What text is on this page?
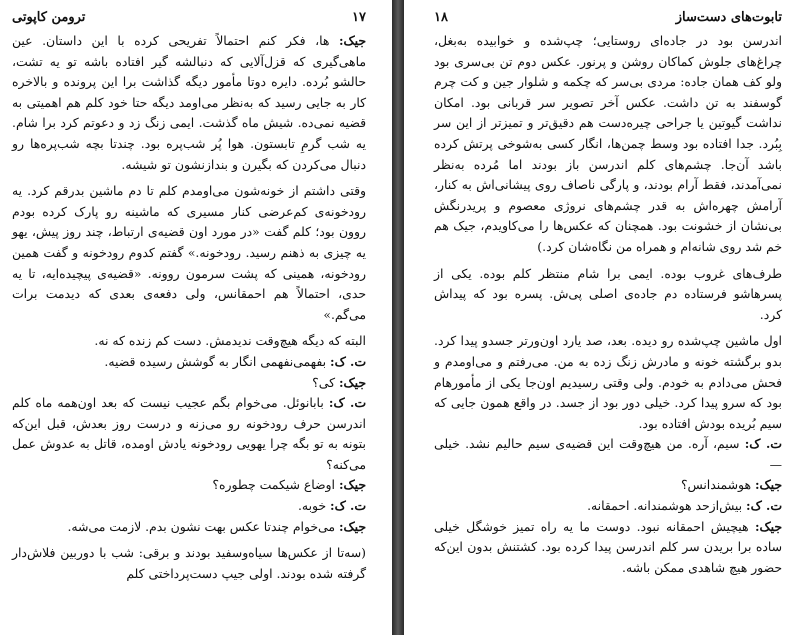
۱۷
ترومن کاپوتی

جیک: ها، فکر کنم احتمالاً تفریحی کرده با این داستان. عین ماهی‌گیری که قزل‌آلایی که دنبالشه گیر افتاده باشه تو یه تشت، حالشو بُرده. دایره دوتا مأمور دیگه گذاشت برا این پرونده و بالاخره کار به جایی رسید که به‌نظر می‌اومد دیگه حتا خود کلم هم اهمیتی به قضیه نمی‌ده. شیش ماه گذشت. ایمی زنگ زد و دعوتم کرد برا شام. یه شب گرمِ تابستون. هوا پُر شب‌پره بود. چندتا بچه شب‌پره‌ها رو دنبال می‌کردن که بگیرن و بندازنشون تو شیشه.

وقتی داشتم از خونه‌شون می‌اومدم کلم تا دم ماشین بدرقم کرد. یه رودخونه‌ی کم‌عرضی کنار مسیری که ماشینه رو پارک کرده بودم روون بود؛ کلم گفت «در مورد اون قضیه‌ی ارتباط، چند روز پیش، یهو یه چیزی به ذهنم رسید. رودخونه.» گفتم کدوم رودخونه و گفت همین رودخونه، همینی که پشت سرمون روونه. «قضیه‌ی پیچیده‌ایه، تا یه حدی، احتمالاً هم احمقانس، ولی دفعه‌ی بعدی که دیدمت برات می‌گم.»

البته که دیگه هیچ‌وقت ندیدمش. دست کم زنده که نه.

ت. ک: بفهمی‌نفهمی انگار به گوشش رسیده قضیه.

جیک: کی؟

ت. ک: بابانوئل. می‌خوام بگم عجیب نیست که بعد اون‌همه ماه کلم اندرسن حرف رودخونه رو می‌زنه و درست روز بعدش، قبل این‌که بتونه به تو بگه چرا یهویی رودخونه یادش اومده، قاتل به عدوش عمل می‌کنه؟

جیک: اوضاع شیکمت چطوره؟

ت. ک: خوبه.

جیک: می‌خوام چندتا عکس بهت نشون بدم. لازمت می‌شه.

(سه‌تا از عکس‌ها سیاه‌وسفید بودند و برقی: شب با دوربین فلاش‌دار گرفته شده بودند. اولی جیپ دست‌پرداختی کلم

تابوت‌های دست‌ساز
۱۸

اندرسن بود در جاده‌ای روستایی؛ چپ‌شده و خوابیده به‌بغل، چراغ‌های جلوش کماکان روشن و پرنور. عکس دوم تن بی‌سری بود ولو کف همان جاده: مردی بی‌سر که چکمه و شلوار جین و کت چرم گوسفند به تن داشت. عکس آخر تصویر سر قربانی بود. امکان نداشت گیوتین یا جراحی چیره‌دست هم دقیق‌تر و تمیزتر از این سر بِبُرد. جدا افتاده بود وسط چمن‌ها، انگار کسی به‌شوخی پرتش کرده باشد آن‌جا. چشم‌های کلم اندرسن باز بودند اما مُرده به‌نظر نمی‌آمدند، فقط آرام بودند، و پارگی ناصاف روی پیشانی‌اش به کنار، آرامش چهره‌اش به قدر چشم‌های نروژی معصوم و پریدرنگش بی‌نشان از خشونت بود. همچنان که عکس‌ها را می‌کاویدم، جیک هم خم شد روی شانه‌ام و همراه من نگاه‌شان کرد.)

طرف‌های غروب بوده. ایمی برا شام منتظر کلم بوده. یکی از پسرهاشو فرستاده دم جاده‌ی اصلی پی‌ش. پسره بود که پیداش کرد.

اول ماشین چپ‌شده رو دیده. بعد، صد یارد اون‌ورتر جسدو پیدا کرد. بدو برگشته خونه و مادرش زنگ زده به من. می‌رفتم و می‌اومدم و فحش می‌دادم به خودم. ولی وقتی رسیدیم اون‌جا یکی از مأمورهام بود که سرو پیدا کرد. خیلی دور بود از جسد. در واقع همون جایی که سیم بُریده بودش افتاده بود.

ت. ک: سیم، آره. من هیچ‌وقت این قضیه‌ی سیم حالیم نشد. خیلی —

جیک: هوشمندانس؟

ت. ک: بیش‌از‌حد هوشمندانه. احمقانه.

جیک: هیچیش احمقانه نبود. دوست ما یه راه تمیز خوشگل خیلی ساده برا بریدن سر کلم اندرسن پیدا کرده بود. کشتنش بدون این‌که حضور هیچ شاهدی ممکن باشه.
